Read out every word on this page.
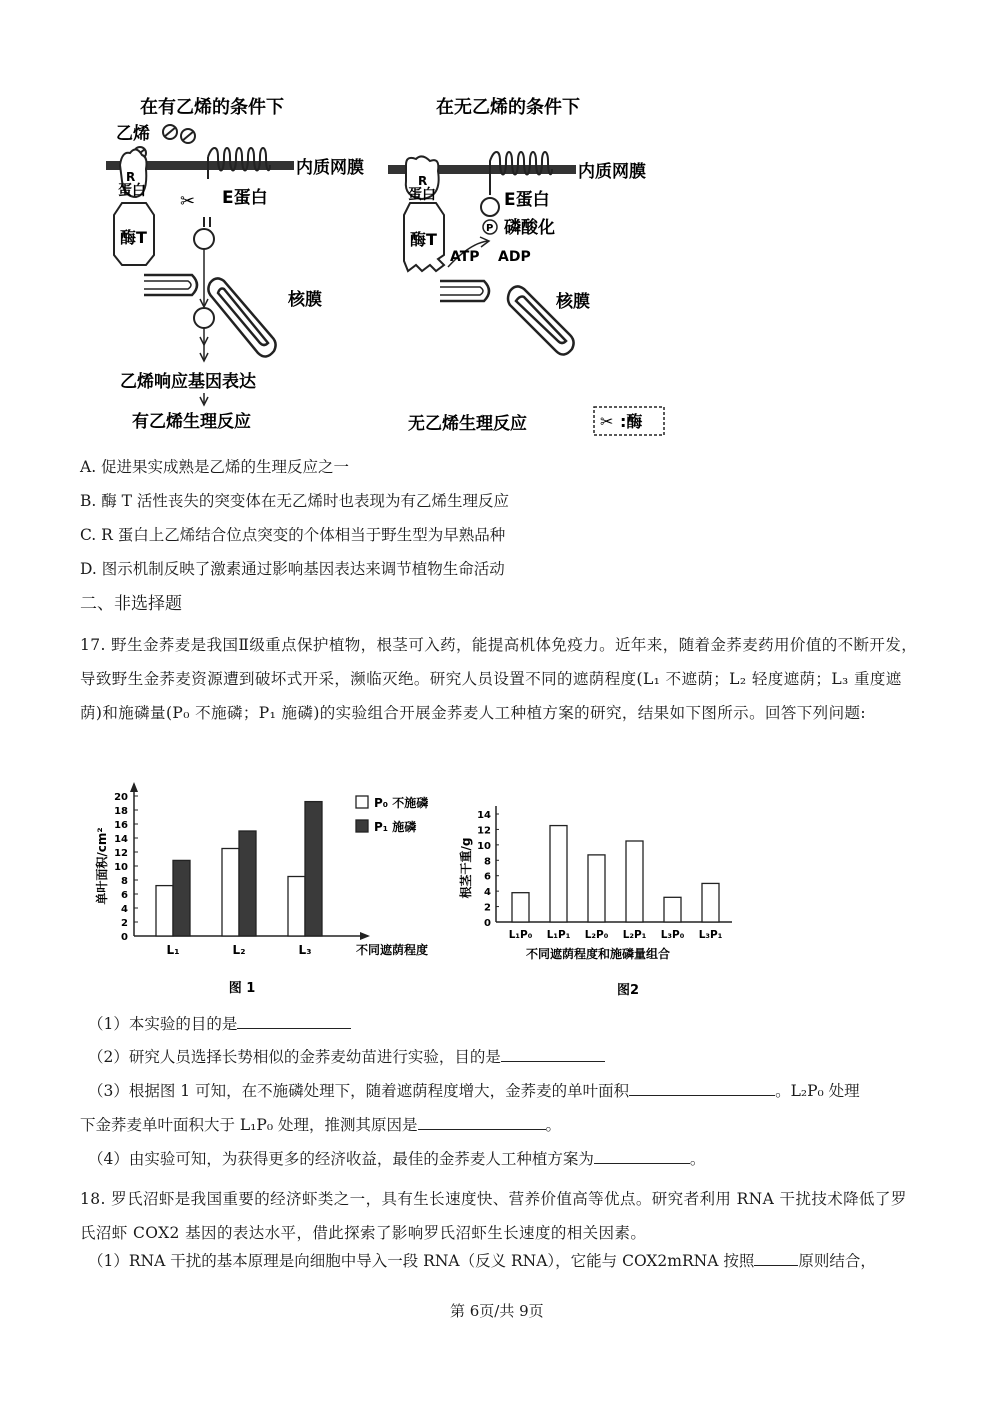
在有乙烯的条件下
乙烯
内质网膜
R
蛋白
酶T
E蛋白
✂
核膜
乙烯响应基因表达
有乙烯生理反应
在无乙烯的条件下
内质网膜
R
蛋白
酶T
E蛋白
P 磷酸化
ATP ADP
核膜
无乙烯生理反应	✂ :酶
A. 促进果实成熟是乙烯的生理反应之一
B. 酶 T 活性丧失的突变体在无乙烯时也表现为有乙烯生理反应
C. R 蛋白上乙烯结合位点突变的个体相当于野生型为早熟品种
D. 图示机制反映了激素通过影响基因表达来调节植物生命活动
二、非选择题
17. 野生金荞麦是我国Ⅱ级重点保护植物，根茎可入药，能提高机体免疫力。近年来，随着金荞麦药用价值的不断开发，导致野生金荞麦资源遭到破坏式开采，濒临灭绝。研究人员设置不同的遮荫程度(L₁ 不遮荫；L₂ 轻度遮荫；L₃ 重度遮荫)和施磷量(P₀ 不施磷；P₁ 施磷)的实验组合开展金荞麦人工种植方案的研究，结果如下图所示。回答下列问题:
0
2
4
6
8
10
12
14
16
18
20
L₁	L₂	L₃	不同遮荫程度
单叶面积/cm²
P₀ 不施磷
P₁ 施磷
图 1
0
2
4
6
8
10
12
14
L₁P₀ L₁P₁ L₂P₀ L₂P₁ L₃P₀ L₃P₁
不同遮荫程度和施磷量组合
根茎干重/g
图2
（1）本实验的目的是
（2）研究人员选择长势相似的金荞麦幼苗进行实验，目的是
（3）根据图 1 可知，在不施磷处理下，随着遮荫程度增大，金荞麦的单叶面积	。L₂P₀ 处理
下金荞麦单叶面积大于 L₁P₀ 处理，推测其原因是	。
（4）由实验可知，为获得更多的经济收益，最佳的金荞麦人工种植方案为	。
18. 罗氏沼虾是我国重要的经济虾类之一，具有生长速度快、营养价值高等优点。研究者利用 RNA 干扰技术降低了罗氏沼虾 COX2 基因的表达水平，借此探索了影响罗氏沼虾生长速度的相关因素。
（1）RNA 干扰的基本原理是向细胞中导入一段 RNA（反义 RNA），它能与 COX2mRNA 按照	原则结合，
第 6页/共 9页
